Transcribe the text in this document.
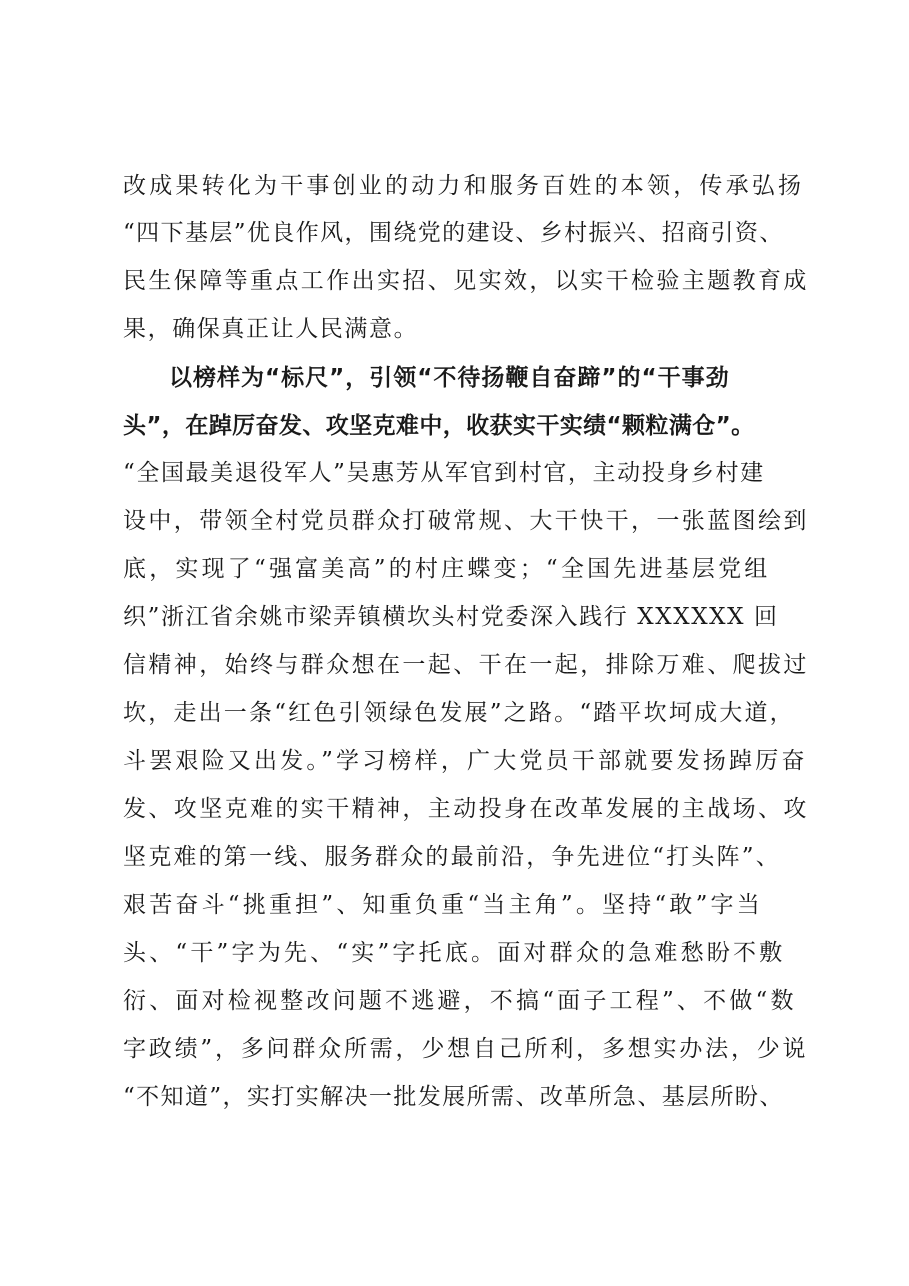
改成果转化为干事创业的动力和服务百姓的本领，传承弘扬
“四下基层”优良作风，围绕党的建设、乡村振兴、招商引资、
民生保障等重点工作出实招、见实效，以实干检验主题教育成
果，确保真正让人民满意。
以榜样为“标尺”，引领“不待扬鞭自奋蹄”的“干事劲
头”，在踔厉奋发、攻坚克难中，收获实干实绩“颗粒满仓”。
“全国最美退役军人”吴惠芳从军官到村官，主动投身乡村建
设中，带领全村党员群众打破常规、大干快干，一张蓝图绘到
底，实现了“强富美高”的村庄蝶变；“全国先进基层党组
织”浙江省余姚市梁弄镇横坎头村党委深入践行 XXXXXX 回
信精神，始终与群众想在一起、干在一起，排除万难、爬拔过
坎，走出一条“红色引领绿色发展”之路。“踏平坎坷成大道，
斗罢艰险又出发。”学习榜样，广大党员干部就要发扬踔厉奋
发、攻坚克难的实干精神，主动投身在改革发展的主战场、攻
坚克难的第一线、服务群众的最前沿，争先进位“打头阵”、
艰苦奋斗“挑重担”、知重负重“当主角”。坚持“敢”字当
头、“干”字为先、“实”字托底。面对群众的急难愁盼不敷
衍、面对检视整改问题不逃避，不搞“面子工程”、不做“数
字政绩”，多问群众所需，少想自己所利，多想实办法，少说
“不知道”，实打实解决一批发展所需、改革所急、基层所盼、
